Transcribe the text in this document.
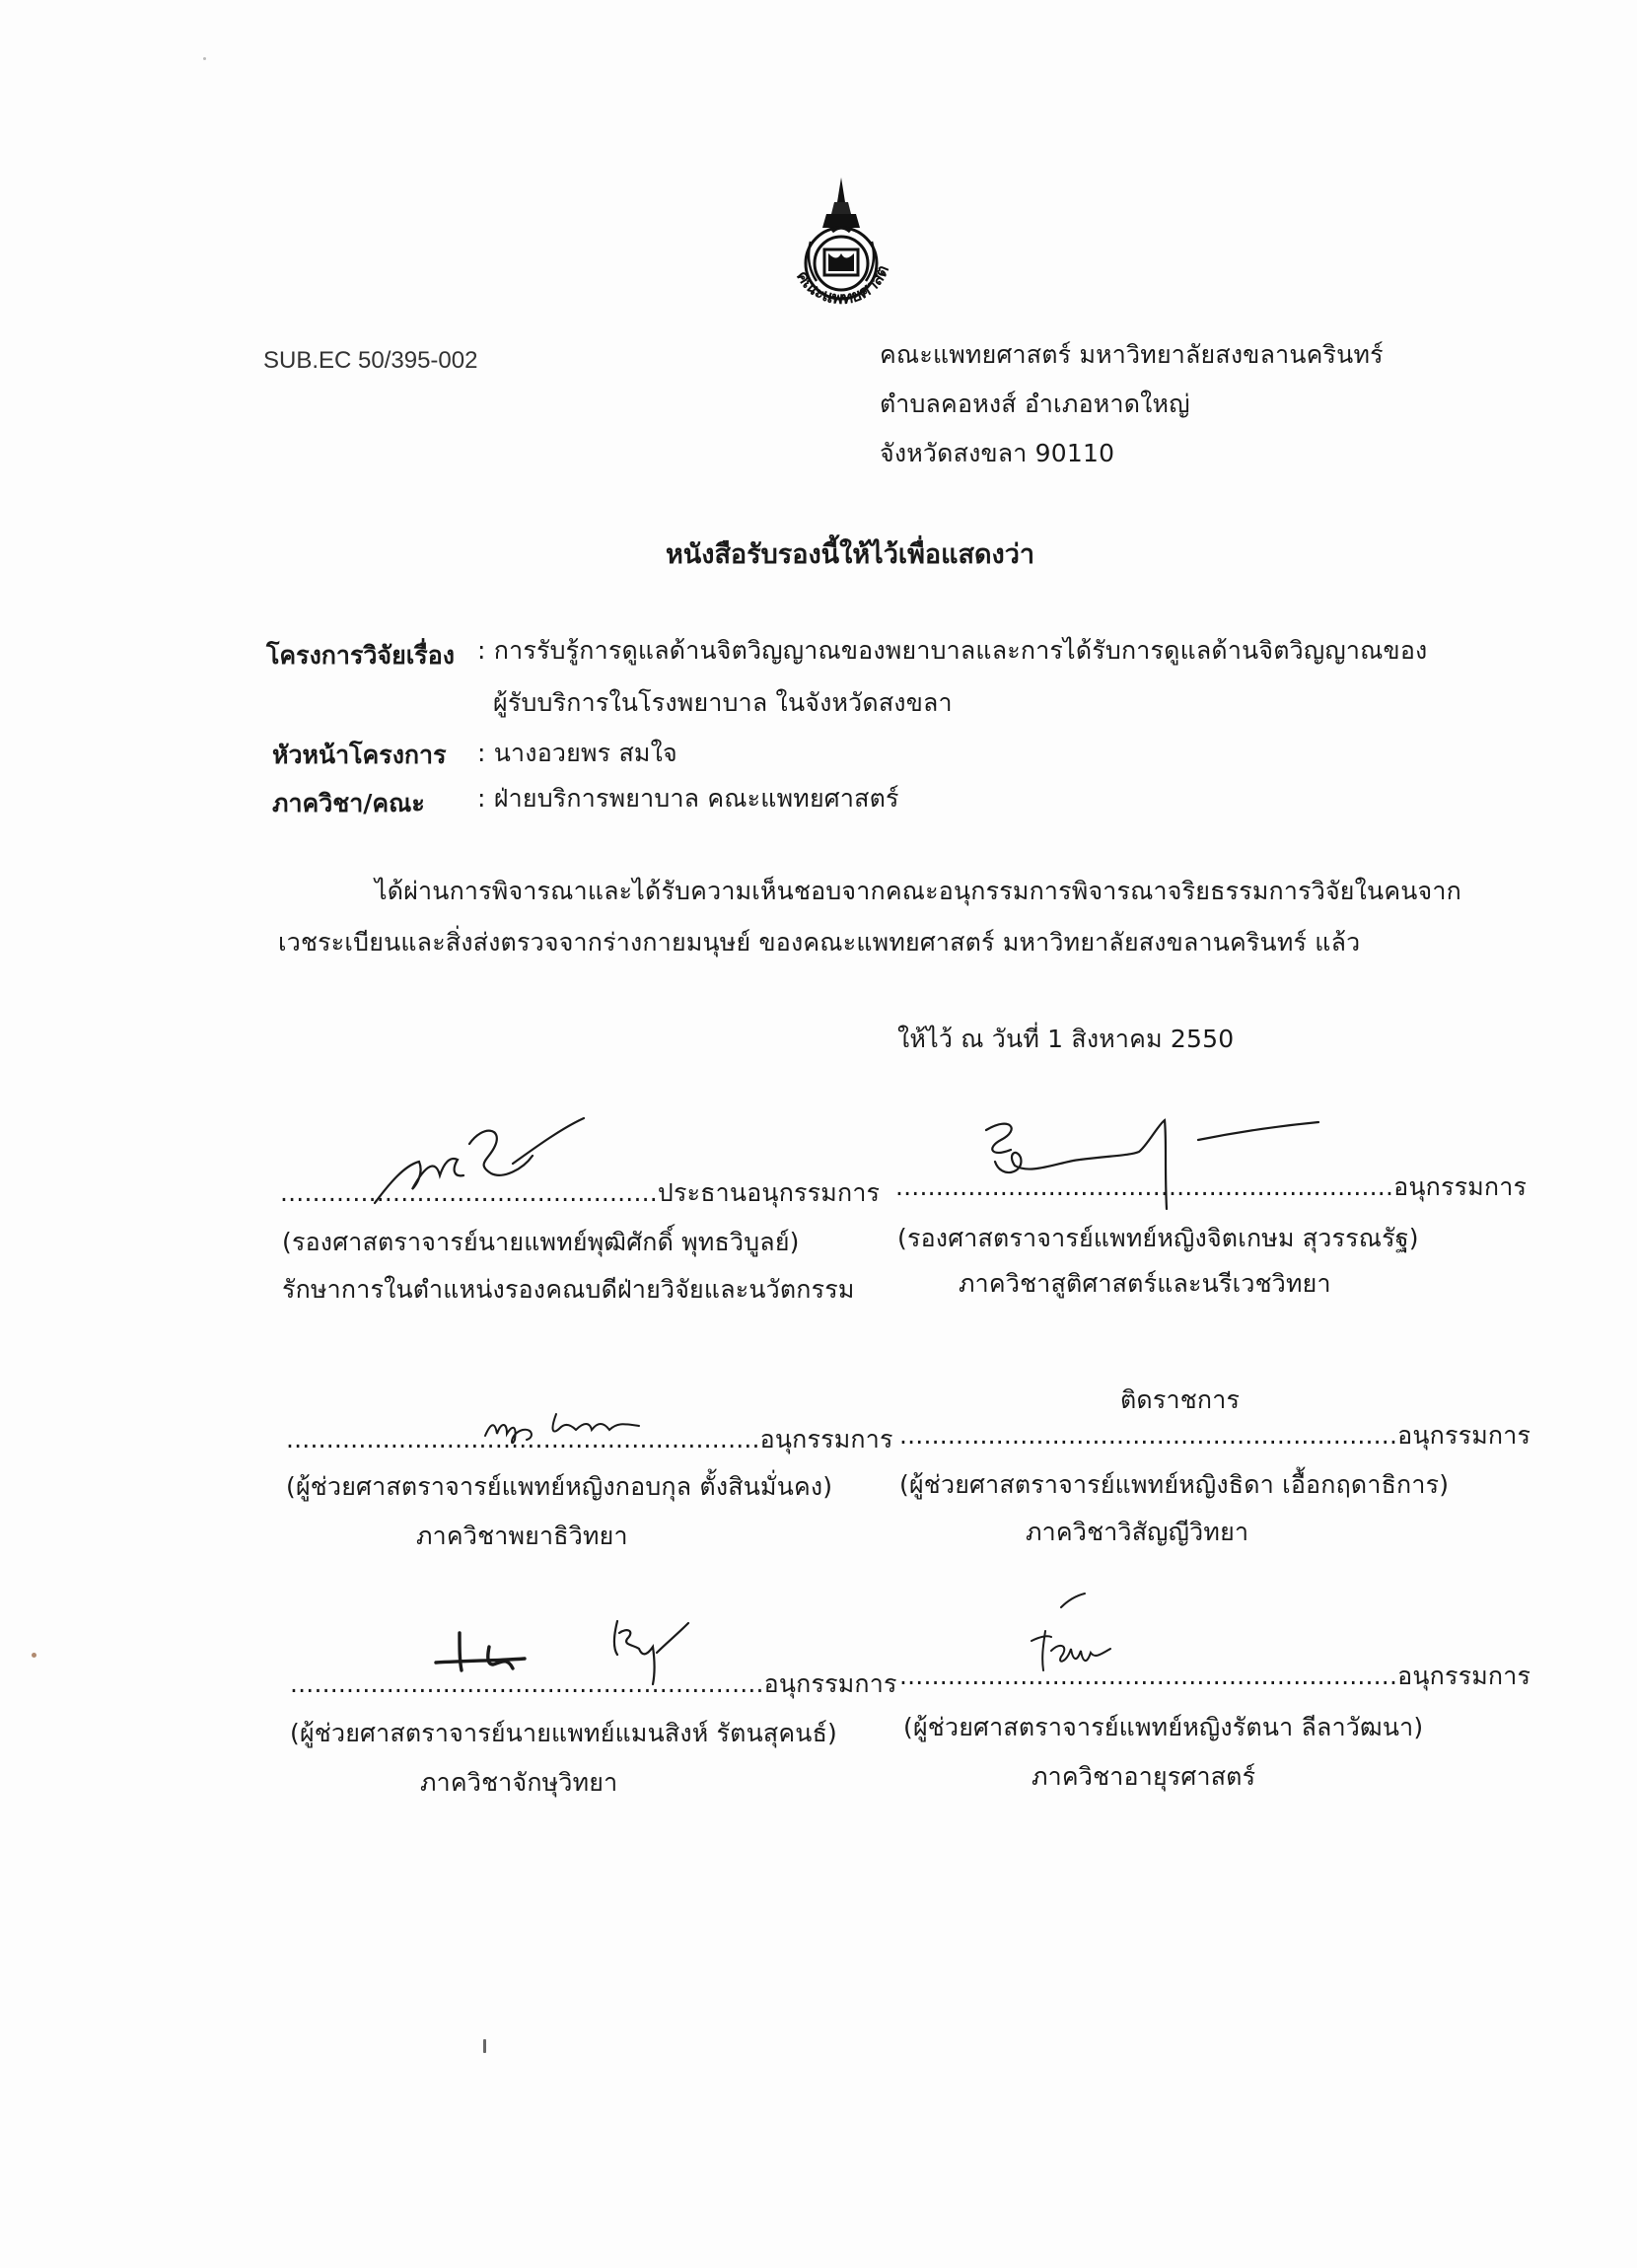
คณะแพทยศาสต
SUB.EC 50/395-002	คณะแพทยศาสตร์ มหาวิทยาลัยสงขลานครินทร์
ตำบลคอหงส์ อำเภอหาดใหญ่
จังหวัดสงขลา 90110
หนังสือรับรองนี้ให้ไว้เพื่อแสดงว่า
โครงการวิจัยเรื่อง : การรับรู้การดูแลด้านจิตวิญญาณของพยาบาลและการได้รับการดูแลด้านจิตวิญญาณของ
ผู้รับบริการในโรงพยาบาล ในจังหวัดสงขลา
หัวหน้าโครงการ : นางอวยพร สมใจ
ภาควิชา/คณะ : ฝ่ายบริการพยาบาล คณะแพทยศาสตร์
ได้ผ่านการพิจารณาและได้รับความเห็นชอบจากคณะอนุกรรมการพิจารณาจริยธรรมการวิจัยในคนจาก
เวชระเบียนและสิ่งส่งตรวจจากร่างกายมนุษย์ ของคณะแพทยศาสตร์ มหาวิทยาลัยสงขลานครินทร์ แล้ว
ให้ไว้ ณ วันที่ 1 สิงหาคม 2550
...............................................ประธานอนุกรรมการ
(รองศาสตราจารย์นายแพทย์พุฒิศักดิ์ พุทธวิบูลย์)
รักษาการในตำแหน่งรองคณบดีฝ่ายวิจัยและนวัตกรรม
..............................................................อนุกรรมการ
(รองศาสตราจารย์แพทย์หญิงจิตเกษม สุวรรณรัฐ)
ภาควิชาสูติศาสตร์และนรีเวชวิทยา
...........................................................อนุกรรมการ
(ผู้ช่วยศาสตราจารย์แพทย์หญิงกอบกุล ตั้งสินมั่นคง)
ภาควิชาพยาธิวิทยา
ติดราชการ
..............................................................อนุกรรมการ
(ผู้ช่วยศาสตราจารย์แพทย์หญิงธิดา เอื้อกฤดาธิการ)
ภาควิชาวิสัญญีวิทยา
...........................................................อนุกรรมการ
(ผู้ช่วยศาสตราจารย์นายแพทย์แมนสิงห์ รัตนสุคนธ์)
ภาควิชาจักษุวิทยา
..............................................................อนุกรรมการ
(ผู้ช่วยศาสตราจารย์แพทย์หญิงรัตนา ลีลาวัฒนา)
ภาควิชาอายุรศาสตร์
